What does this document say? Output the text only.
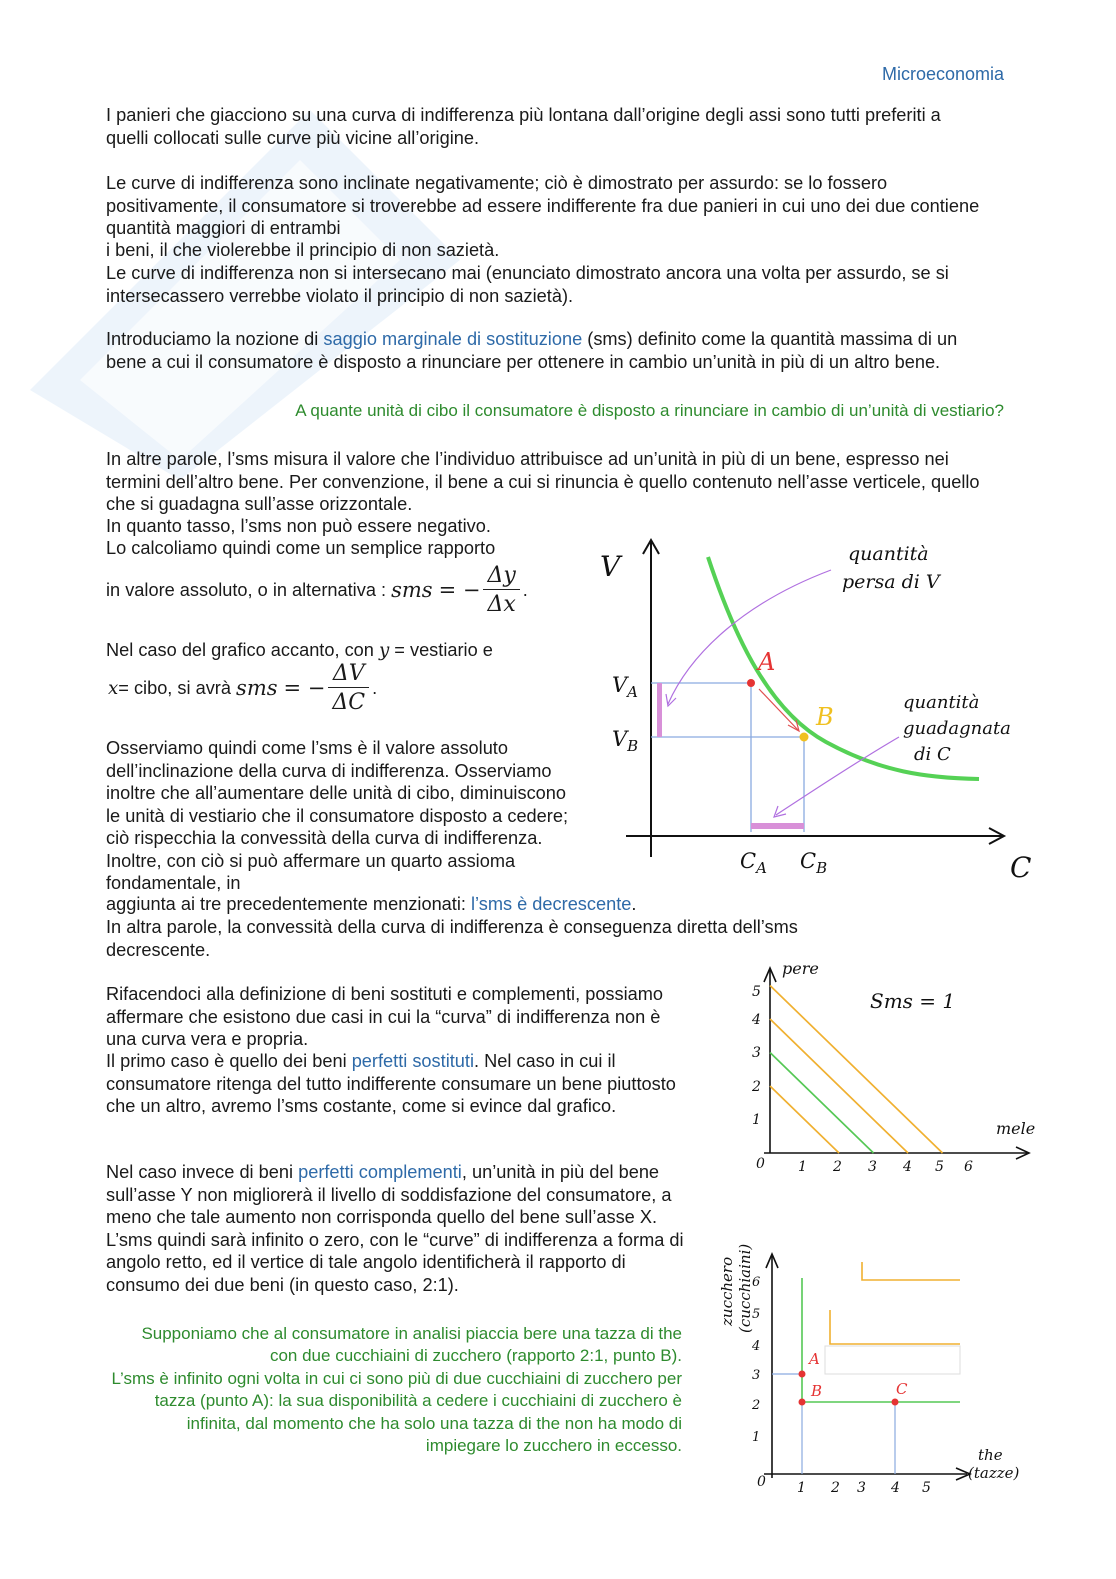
Microeconomia

I panieri che giacciono su una curva di indifferenza più lontana dall’origine degli assi sono tutti preferiti a quelli collocati sulle curve più vicine all’origine.

Le curve di indifferenza sono inclinate negativamente; ciò è dimostrato per assurdo: se lo fossero positivamente, il consumatore si troverebbe ad essere indifferente fra due panieri in cui uno dei due contiene quantità maggiori di entrambi

i beni, il che violerebbe il principio di non sazietà.

Le curve di indifferenza non si intersecano mai (enunciato dimostrato ancora una volta per assurdo, se si intersecassero verrebbe violato il principio di non sazietà).

Introduciamo la nozione di saggio marginale di sostituzione (sms) definito come la quantità massima di un bene a cui il consumatore è disposto a rinunciare per ottenere in cambio un’unità in più di un altro bene.

A quante unità di cibo il consumatore è disposto a rinunciare in cambio di un’unità di vestiario?

In altre parole, l’sms misura il valore che l’individuo attribuisce ad un’unità in più di un bene, espresso nei termini dell’altro bene. Per convenzione, il bene a cui si rinuncia è quello contenuto nell’asse verticele, quello che si guadagna sull’asse orizzontale.

In quanto tasso, l’sms non può essere negativo.

Lo calcoliamo quindi come un semplice rapporto

in valore assoluto, o in alternativa :
sms = − $\frac{\Delta y}{\Delta x}$ .

Nel caso del grafico accanto, con y = vestiario e

x = cibo, si avrà
sms = − $\frac{\Delta V}{\Delta C}$ .

Osserviamo quindi come l’sms è il valore assoluto dell’inclinazione della curva di indifferenza. Osserviamo inoltre che all’aumentare delle unità di cibo, diminuiscono le unità di vestiario che il consumatore disposto a cedere; ciò rispecchia la convessità della curva di indifferenza. Inoltre, con ciò si può affermare un quarto assioma fondamentale, in

aggiunta ai tre precedentemente menzionati: l’sms è decrescente.

In altra parole, la convessità della curva di indifferenza è conseguenza diretta dell’sms decrescente.

Rifacendoci alla definizione di beni sostituti e complementi, possiamo affermare che esistono due casi in cui la “curva” di indifferenza non è una curva vera e propria.

Il primo caso è quello dei beni perfetti sostituti. Nel caso in cui il consumatore ritenga del tutto indifferente consumare un bene piuttosto che un altro, avremo l’sms costante, come si evince dal grafico.

Nel caso invece di beni perfetti complementi, un’unità in più del bene sull’asse Y non migliorerà il livello di soddisfazione del consumatore, a meno che tale aumento non corrisponda quello del bene sull’asse X. L’sms quindi sarà infinito o zero, con le “curve” di indifferenza a forma di angolo retto, ed il vertice di tale angolo identificherà il rapporto di consumo dei due beni (in questo caso, 2:1).

Supponiamo che al consumatore in analisi piaccia bere una tazza di the con due cucchiaini di zucchero (rapporto 2:1, punto B).

L’sms è infinito ogni volta in cui ci sono più di due cucchiaini di zucchero per tazza (punto A): la sua disponibilità a cedere i cucchiaini di zucchero è infinita, dal momento che ha solo una tazza di the non ha modo di impiegare lo zucchero in eccesso.

V
C
$V_A$
$V_B$
$C_A$ $C_B$
A
B
quantità persa di V
quantità guadagnata di C
1
2
3
4
5
0 1 2 3 4 5 6
pere
mele
Sms = 1
A
B	C
1
2
3
4
5
6
0 1 2 3 4 5
zucchero (cucchiaini)
the (tazze)
